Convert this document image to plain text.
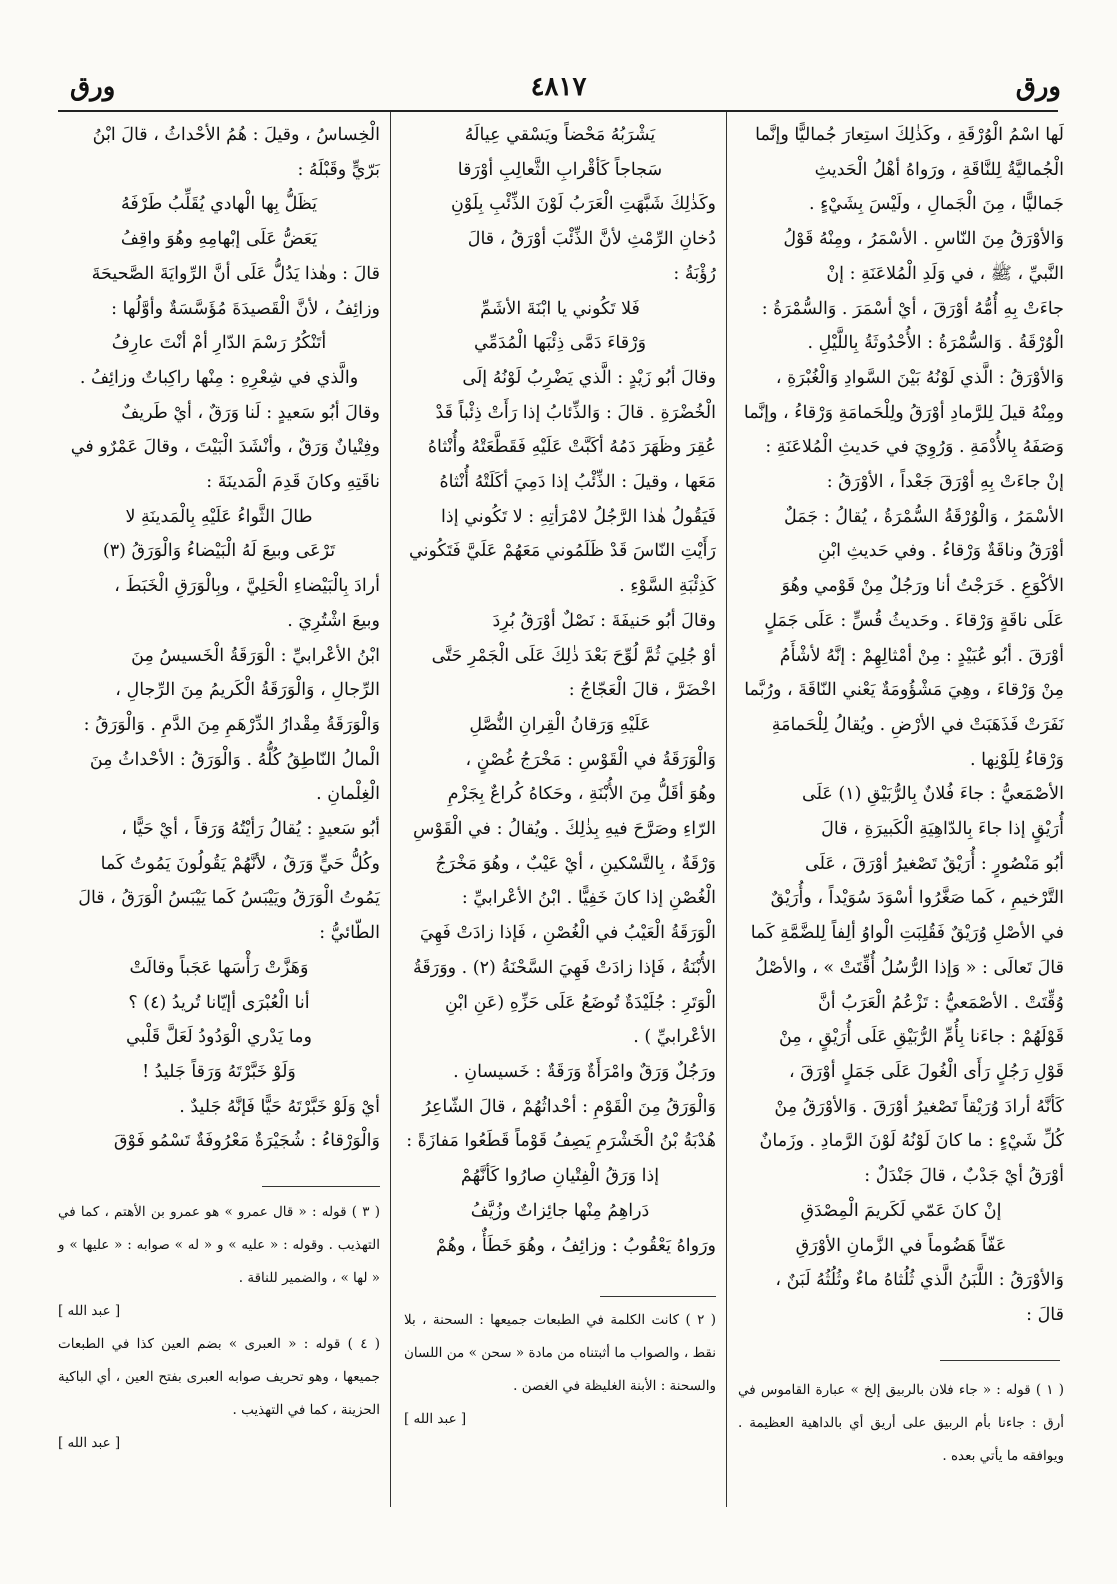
ورق
٤٨١٧
ورق

لَها اسْمُ الْوُرْقَةِ ، وكَذٰلِكَ استِعارَ جُماليًّا وإنَّما

الْجُماليَّةُ لِلنَّاقَةِ ، ورَواهُ أهْلُ الْحَديثِ

جَماليًّا ، مِنَ الْجَمالِ ، ولَيْسَ بِشَيْءٍ .

وَالأوْرَقُ مِنَ النّاسِ . الأسْمَرُ ، ومِنْهُ قَوْلُ

النَّبيِّ ، ﷺ ، في وَلَدِ الْمُلاعَنَةِ : إنْ

جاءَتْ بِهِ أُمُّهُ أوْرَقَ ، أيْ أسْمَرَ . وَالسُّمْرَةُ :

الْوُرْقَةُ . وَالسُّمْرَةُ : الأُحْدُوثَةُ بِاللَّيْلِ .

وَالأوْرَقُ : الَّذي لَوْنُهُ بَيْنَ السَّوادِ وَالْغُبْرَةِ ،

ومِنْهُ قيلَ لِلرَّمادِ أوْرَقُ ولِلْحَمامَةِ وَرْقاءُ ، وإنَّما

وَصَفَهُ بِالأُدْمَةِ . وَرُوِيَ في حَديثِ الْمُلاعَنَةِ :

إنْ جاءَتْ بِهِ أوْرَقَ جَعْداً ، الأوْرَقُ :

الأسْمَرُ ، وَالْوُرْقَةُ السُّمْرَةُ ، يُقالُ : جَمَلٌ

أوْرَقُ وناقَةٌ وَرْقاءُ . وفي حَديثِ ابْنِ

الأكْوَعِ . خَرَجْتُ أنا ورَجُلٌ مِنْ قَوْمي وهُوَ

عَلَى ناقَةٍ وَرْقاءَ . وحَديثُ قُسٍّ : عَلَى جَمَلٍ

أوْرَقَ . أبُو عُبَيْدٍ : مِنْ أمْثالِهِمْ : إنَّهُ لأشْأَمُ

مِنْ وَرْقاءَ ، وهِيَ مَشْؤُومَةٌ يَعْني النّاقَةَ ، ورُبَّما

نَفَرَتْ فَذَهَبَتْ في الأرْضِ . ويُقالُ لِلْحَمامَةِ

وَرْقاءُ لِلَوْنِها .

الأصْمَعيُّ : جاءَ فُلانٌ بِالرُّبَيْقِ (١) عَلَى

أُرَيْقٍ إذا جاءَ بِالدّاهِيَةِ الْكَبيرَةِ ، قالَ

أبُو مَنْصُورٍ : أُرَيْقٌ تَصْغيرُ أوْرَقَ ، عَلَى

التَّرْخيمِ ، كَما صَغَّرُوا أسْوَدَ سُوَيْداً ، وأُرَيْقٌ

في الأصْلِ وُرَيْقٌ فَقُلِبَتِ الْواوُ ألِفاً لِلضَّمَّةِ كَما

قالَ تَعالَى : « وَإذا الرُّسُلُ أُقِّتَتْ » ، والأصْلُ

وُقِّتَتْ . الأصْمَعيُّ : تَزْعُمُ الْعَرَبُ أنَّ

قَوْلَهُمْ : جاءَنا بِأُمِّ الرُّبَيْقِ عَلَى أُرَيْقٍ ، مِنْ

قَوْلِ رَجُلٍ رَأَى الْغُولَ عَلَى جَمَلٍ أوْرَقَ ،

كَأنَّهُ أرادَ وُرَيْقاً تَصْغيرُ أوْرَقَ . وَالأوْرَقُ مِنْ

كُلِّ شَيْءٍ : ما كانَ لَوْنُهُ لَوْنَ الرَّمادِ . وزَمانٌ

أوْرَقُ أيْ جَدْبٌ ، قالَ جَنْدَلٌ :

إنْ كانَ عَمّي لَكَريمَ الْمِصْدَقِ

عَفّاً هَضُوماً في الزَّمانِ الأوْرَقِ

وَالأوْرَقُ : اللَّبَنُ الَّذي ثُلُثاهُ ماءٌ وثُلُثُهُ لَبَنٌ ،

قالَ :

يَشْرَبُهُ مَحْضاً ويَسْقي عِيالَهُ

سَجاجاً كَأقْرابِ الثَّعالِبِ أوْرَقا

وكَذٰلِكَ شَبَّهَتِ الْعَرَبُ لَوْنَ الذِّئْبِ بِلَوْنِ

دُخانِ الرِّمْثِ لأنَّ الذِّئْبَ أوْرَقُ ، قالَ

رُؤْبَةُ :

فَلا تَكُوني يا ابْنَةَ الأشَمِّ

وَرْقاءَ دَمَّى ذِئْبَها الْمُدَمِّي

وقالَ أبُو زَيْدٍ : الَّذي يَضْرِبُ لَوْنُهُ إلَى

الْخُضْرَةِ . قالَ : وَالذِّئابُ إذا رَأَتْ ذِئْباً قَدْ

عُقِرَ وظَهَرَ دَمُهُ أكَبَّتْ عَلَيْهِ فَقَطَّعَتْهُ وأُنْثاهُ

مَعَها ، وقيلَ : الذِّئْبُ إذا دَمِيَ أكَلَتْهُ أُنْثاهُ

فَيَقُولُ هٰذا الرَّجُلُ لامْرَأتِهِ : لا تَكُوني إذا

رَأَيْتِ النّاسَ قَدْ ظَلَمُوني مَعَهُمْ عَلَيَّ فَتَكُوني

كَذِئْبَةِ السَّوْءِ .

وقالَ أبُو حَنيفَةَ : نَصْلٌ أوْرَقُ بُرِدَ

أوْ جُلِيَ ثُمَّ لُوِّحَ بَعْدَ ذٰلِكَ عَلَى الْجَمْرِ حَتَّى

اخْضَرَّ ، قالَ الْعَجّاجُ :

عَلَيْهِ وَرَقانُ الْقِرانِ النُّصَّلِ

وَالْوَرَقَةُ في الْقَوْسِ : مَخْرَجُ غُصْنٍ ،

وهُوَ أقَلُّ مِنَ الأُبْنَةِ ، وحَكاهُ كُراعٌ بِجَزْمِ

الرّاءِ وصَرَّحَ فيهِ بِذٰلِكَ . ويُقالُ : في الْقَوْسِ

وَرْقَةٌ ، بِالتَّسْكينِ ، أيْ عَيْبٌ ، وهُوَ مَخْرَجُ

الْغُصْنِ إذا كانَ خَفِيًّا . ابْنُ الأعْرابيِّ :

الْوَرَقَةُ الْعَيْبُ في الْغُصْنِ ، فَإذا زادَتْ فَهِيَ

الأُبْنَةُ ، فَإذا زادَتْ فَهِيَ السَّحْنَةُ (٢) . ووَرَقَةُ

الْوَتَرِ : جُلَيْدَةٌ تُوضَعُ عَلَى حَزِّهِ (عَنِ ابْنِ

الأعْرابيِّ ) .

ورَجُلٌ وَرَقٌ وامْرَأَةٌ وَرَقَةٌ : خَسيسانِ .

وَالْوَرَقُ مِنَ الْقَوْمِ : أحْداثُهُمْ ، قالَ الشّاعِرُ

هُدْبَةُ بْنُ الْخَشْرَمِ يَصِفُ قَوْماً قَطَعُوا مَفازَةً :

إذا وَرَقُ الْفِتْيانِ صارُوا كَأنَّهُمْ

دَراهِمُ مِنْها جائِزاتٌ وزُيَّفُ

ورَواهُ يَعْقُوبُ : وزائِفُ ، وهُوَ خَطَأٌ ، وهُمْ

الْخِساسُ ، وقيلَ : هُمُ الأحْداثُ ، قالَ ابْنُ

بَرّيٍّ وقَبْلَهُ :

يَظَلُّ بِها الْهادي يُقَلِّبُ طَرْفَهُ

يَعَضُّ عَلَى إبْهامِهِ وهُوَ واقِفُ

قالَ : وهٰذا يَدُلُّ عَلَى أنَّ الرِّوايَةَ الصَّحيحَةَ

وزائِفُ ، لأنَّ الْقَصيدَةَ مُؤَسَّسَةٌ وأوَّلُها :

أتَنْكُرُ رَسْمَ الدّارِ أمْ أنْتَ عارِفُ

والَّذي في شِعْرِهِ : مِنْها راكِباتٌ وزائِفُ .

وقالَ أبُو سَعيدٍ : لَنا وَرَقٌ ، أيْ طَريفٌ

وفِتْيانٌ وَرَقٌ ، وأنْشَدَ الْبَيْتَ ، وقالَ عَمْرٌو في

ناقَتِهِ وكانَ قَدِمَ الْمَدينَةَ :

طالَ الثَّواءُ عَلَيْهِ بِالْمَدينَةِ لا

تَرْعَى وبيعَ لَهُ الْبَيْضاءُ وَالْوَرَقُ (٣)

أرادَ بِالْبَيْضاءِ الْحَلِيَّ ، وبِالْوَرَقِ الْخَبَطَ ،

وبيعَ اشْتُرِيَ .

ابْنُ الأعْرابيِّ : الْوَرَقَةُ الْخَسيسُ مِنَ

الرِّجالِ ، وَالْوَرَقَةُ الْكَريمُ مِنَ الرِّجالِ ،

وَالْوَرَقَةُ مِقْدارُ الدِّرْهَمِ مِنَ الدَّمِ . وَالْوَرَقُ :

الْمالُ النّاطِقُ كُلُّهُ . وَالْوَرَقُ : الأحْداثُ مِنَ

الْغِلْمانِ .

أبُو سَعيدٍ : يُقالُ رَأيْتُهُ وَرَقاً ، أيْ حَيًّا ،

وكُلُّ حَيٍّ وَرَقٌ ، لأنَّهُمْ يَقُولُونَ يَمُوتُ كَما

يَمُوتُ الْوَرَقُ ويَيْبَسُ كَما يَيْبَسُ الْوَرَقُ ، قالَ

الطّائيُّ :

وَهَزَّتْ رَأْسَها عَجَباً وقالَتْ

أنا الْعُبْرَى أإيّانا تُريدُ (٤) ؟

وما يَدْري الْوَدُودُ لَعَلَّ قَلْبي

وَلَوْ خَبَّرْتَهُ وَرَقاً جَليدُ !

أيْ وَلَوْ خَبَّرْتَهُ حَيًّا فَإنَّهُ جَليدٌ .

وَالْوَرْقاءُ : شُجَيْرَةٌ مَعْرُوفَةٌ تَسْمُو فَوْقَ

( ١ ) قوله : « جاء فلان بالربيق إلخ » عبارة القاموس في أرق : جاءنا بأم الربيق على أريق أي بالداهية العظيمة . ويوافقه ما يأتي بعده .

( ٢ ) كانت الكلمة في الطبعات جميعها : السحنة ، بلا نقط ، والصواب ما أثبتناه من مادة « سحن » من اللسان والسحنة : الأبنة الغليظة في الغصن .

[ عبد الله ]

( ٣ ) قوله : « قال عمرو » هو عمرو بن الأهتم ، كما في التهذيب . وقوله : « عليه » و « له » صوابه : « عليها » و « لها » ، والضمير للناقة .

[ عبد الله ]

( ٤ ) قوله : « العبرى » بضم العين كذا في الطبعات جميعها ، وهو تحريف صوابه العبرى بفتح العين ، أي الباكية الحزينة ، كما في التهذيب .

[ عبد الله ]
